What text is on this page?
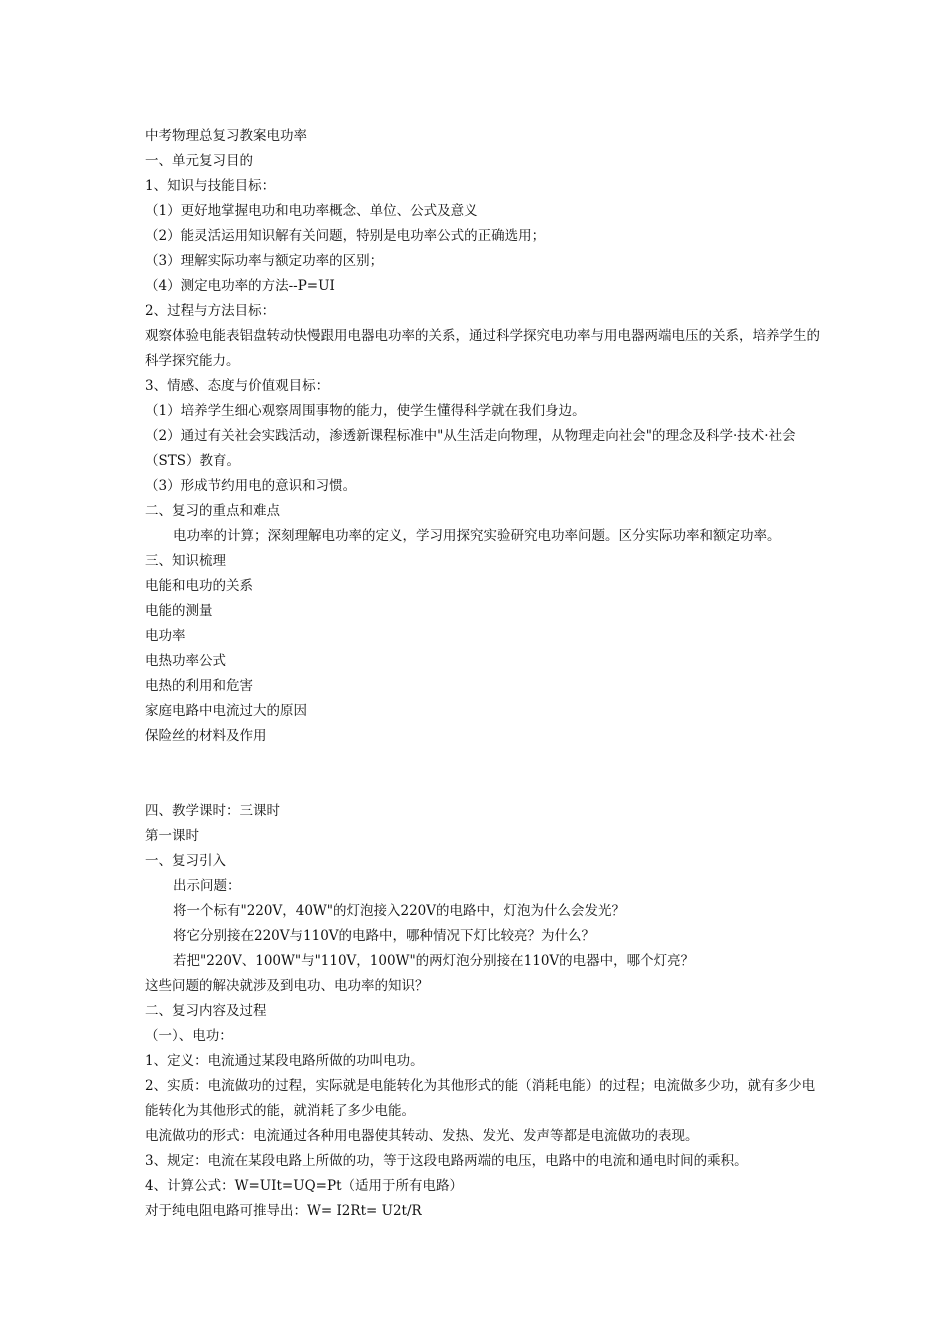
中考物理总复习教案电功率
一、单元复习目的
1、知识与技能目标：
（1）更好地掌握电功和电功率概念、单位、公式及意义
（2）能灵活运用知识解有关问题，特别是电功率公式的正确选用；
（3）理解实际功率与额定功率的区别；
（4）测定电功率的方法--P=UI
2、过程与方法目标：
观察体验电能表铝盘转动快慢跟用电器电功率的关系，通过科学探究电功率与用电器两端电压的关系，培养学生的科学探究能力。
3、情感、态度与价值观目标：
（1）培养学生细心观察周围事物的能力，使学生懂得科学就在我们身边。
（2）通过有关社会实践活动，渗透新课程标准中"从生活走向物理，从物理走向社会"的理念及科学·技术·社会（STS）教育。
（3）形成节约用电的意识和习惯。
二、复习的重点和难点
电功率的计算；深刻理解电功率的定义，学习用探究实验研究电功率问题。区分实际功率和额定功率。
三、知识梳理
电能和电功的关系
电能的测量
电功率
电热功率公式
电热的利用和危害
家庭电路中电流过大的原因
保险丝的材料及作用
四、教学课时：三课时
第一课时
一、复习引入
出示问题：
将一个标有"220V，40W"的灯泡接入220V的电路中，灯泡为什么会发光？
将它分别接在220V与110V的电路中，哪种情况下灯比较亮？为什么？
若把"220V、100W"与"110V，100W"的两灯泡分别接在110V的电器中，哪个灯亮？
这些问题的解决就涉及到电功、电功率的知识？
二、复习内容及过程
（一）、电功：
1、定义：电流通过某段电路所做的功叫电功。
2、实质：电流做功的过程，实际就是电能转化为其他形式的能（消耗电能）的过程；电流做多少功，就有多少电能转化为其他形式的能，就消耗了多少电能。
电流做功的形式：电流通过各种用电器使其转动、发热、发光、发声等都是电流做功的表现。
3、规定：电流在某段电路上所做的功，等于这段电路两端的电压，电路中的电流和通电时间的乘积。
4、计算公式：W=UIt=UQ=Pt（适用于所有电路）
对于纯电阻电路可推导出：W= I2Rt= U2t/R
